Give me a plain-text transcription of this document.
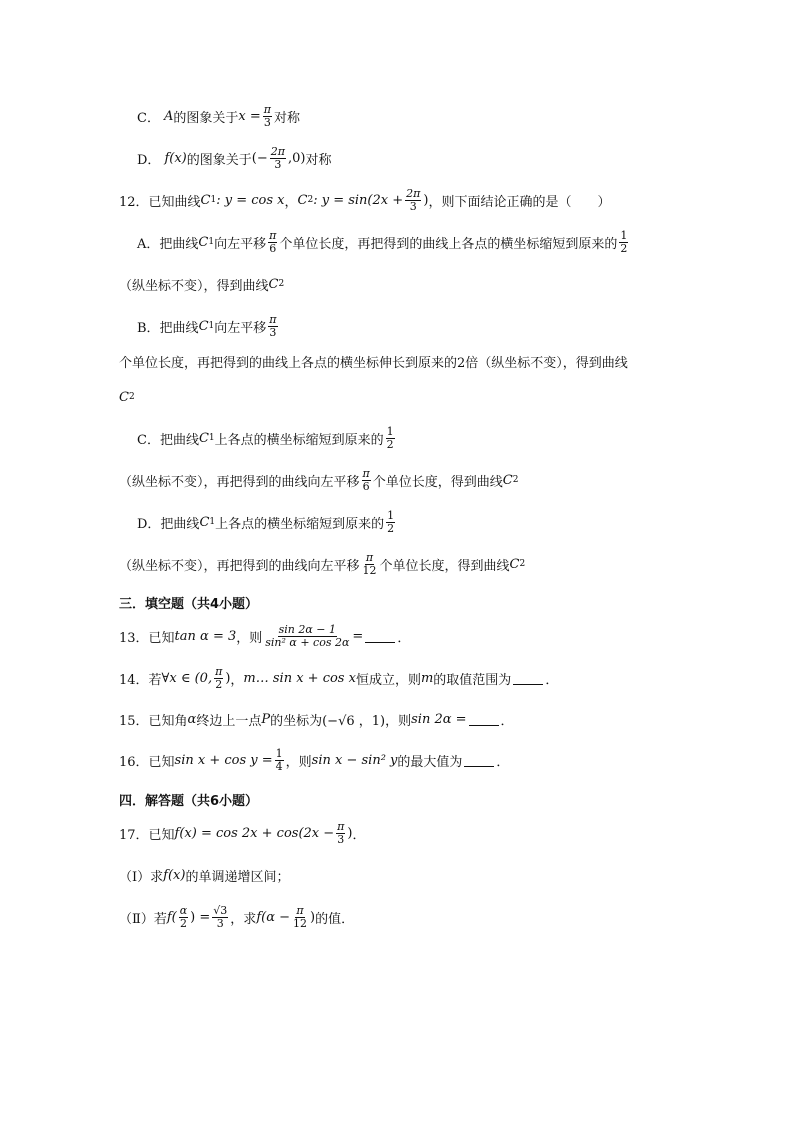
C． A 的图象关于 $x = \frac{\pi}{3}$ 对称
D． f(x) 的图象关于 (− $\frac{2\pi}{3} ,0$) 对称
12．已知曲线 C 1 : y = cos x ， C 2 : $y = \sin(2x + \frac{2\pi}{3}$ ) ，则下面结论正确的是（　　）
A．把曲线 C 1 向左平移 $\frac{\pi}{6}$ 个单位长度，再把得到的曲线上各点的横坐标缩短到原来的 $\frac{1}{2}$
（纵坐标不变），得到曲线 C 2
B．把曲线 C 1 向左平移 $\frac{\pi}{3}$
个单位长度，再把得到的曲线上各点的横坐标伸长到原来的2倍（纵坐标不变），得到曲线
C 2
C．把曲线 C 1 上各点的横坐标缩短到原来的 $\frac{1}{2}$
（纵坐标不变），再把得到的曲线向左平移 $\frac{\pi}{6}$ 个单位长度，得到曲线 C 2
D．把曲线 C 1 上各点的横坐标缩短到原来的 $\frac{1}{2}$
（纵坐标不变），再把得到的曲线向左平移 $\frac{\pi}{12}$ 个单位长度，得到曲线 C 2
三．填空题（共4小题）
13．已知 tan α = 3 ，则 $\frac{\sin 2\alpha - 1}{\text{sin² α + cos 2α}}$ =	．
14．若 ∀x ∈ (0, $\frac{\pi}{2}$ ) ， m… sin x + cos x 恒成立，则 m 的取值范围为	．
15．已知角 α 终边上一点 P 的坐标为 (−√6 ，1) ，则 sin 2α =	．
16．已知 $\sin x + \cos y = \frac{1}{4}$ ，则 sin x − sin² y 的最大值为	．
四．解答题（共6小题）
17．已知 $f(x) = \cos 2x + \cos(2x - \frac{\pi}{3}$ ) ．
（Ⅰ）求 f(x) 的单调递增区间；
（Ⅱ）若 $f( \frac{\alpha}{2}$ ) = $\frac{√3}{3}$ ，求 $f(\alpha - \frac{\pi}{12}$ ) 的值．
